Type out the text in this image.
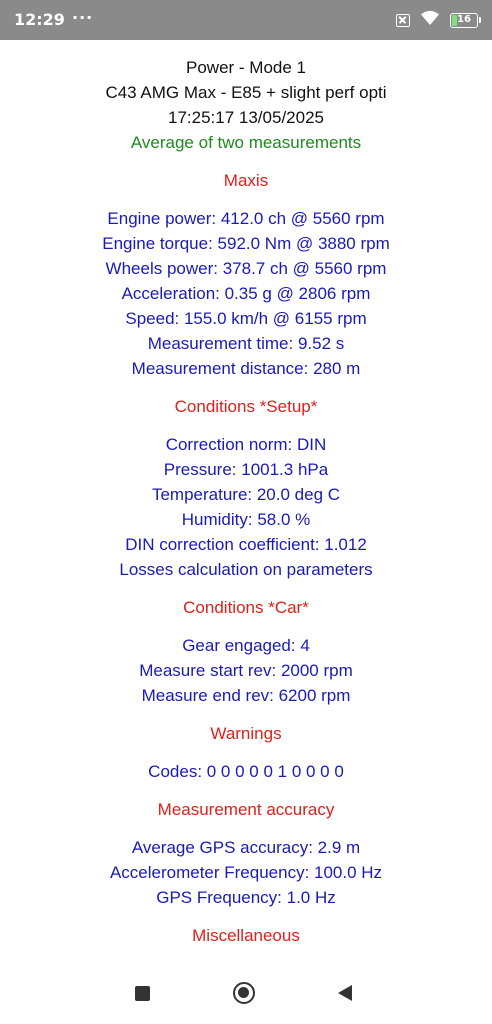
12:29 ···	16

Power - Mode 1

C43 AMG Max - E85 + slight perf opti

17:25:17 13/05/2025

Average of two measurements

Maxis

Engine power: 412.0 ch @ 5560 rpm

Engine torque: 592.0 Nm @ 3880 rpm

Wheels power: 378.7 ch @ 5560 rpm

Acceleration: 0.35 g @ 2806 rpm

Speed: 155.0 km/h @ 6155 rpm

Measurement time: 9.52 s

Measurement distance: 280 m

Conditions *Setup*

Correction norm: DIN

Pressure: 1001.3 hPa

Temperature: 20.0 deg C

Humidity: 58.0 %

DIN correction coefficient: 1.012

Losses calculation on parameters

Conditions *Car*

Gear engaged: 4

Measure start rev: 2000 rpm

Measure end rev: 6200 rpm

Warnings

Codes: 0 0 0 0 0 1 0 0 0 0

Measurement accuracy

Average GPS accuracy: 2.9 m

Accelerometer Frequency: 100.0 Hz

GPS Frequency: 1.0 Hz

Miscellaneous
